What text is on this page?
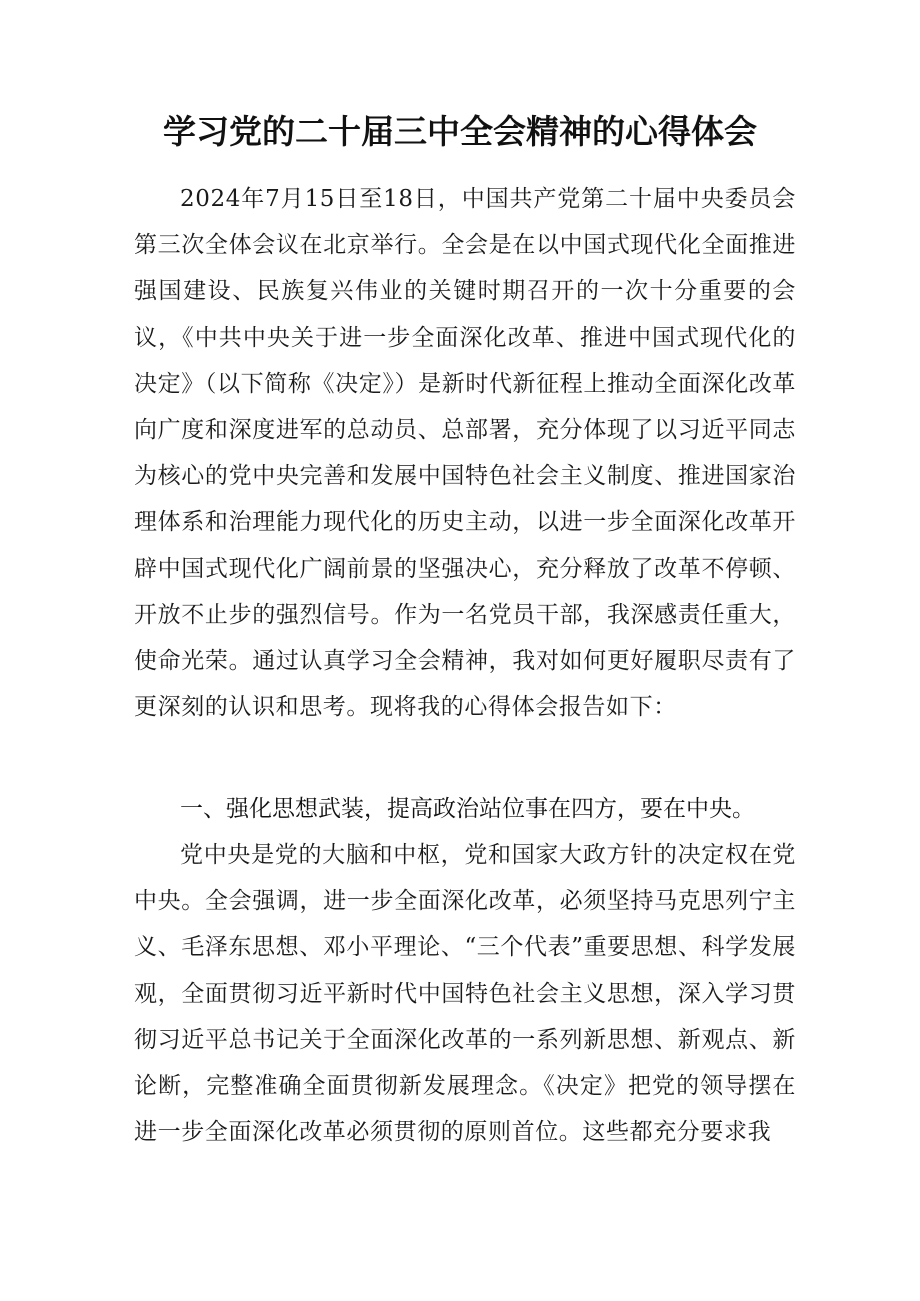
学习党的二十届三中全会精神的心得体会

2024年7月15日至18日，中国共产党第二十届中央委员会第三次全体会议在北京举行。全会是在以中国式现代化全面推进强国建设、民族复兴伟业的关键时期召开的一次十分重要的会议，《中共中央关于进一步全面深化改革、推进中国式现代化的决定》（以下简称《决定》）是新时代新征程上推动全面深化改革向广度和深度进军的总动员、总部署，充分体现了以习近平同志为核心的党中央完善和发展中国特色社会主义制度、推进国家治理体系和治理能力现代化的历史主动，以进一步全面深化改革开辟中国式现代化广阔前景的坚强决心，充分释放了改革不停顿、开放不止步的强烈信号。作为一名党员干部，我深感责任重大，使命光荣。通过认真学习全会精神，我对如何更好履职尽责有了更深刻的认识和思考。现将我的心得体会报告如下：

一、强化思想武装，提高政治站位事在四方，要在中央。

党中央是党的大脑和中枢，党和国家大政方针的决定权在党中央。全会强调，进一步全面深化改革，必须坚持马克思列宁主义、毛泽东思想、邓小平理论、“三个代表”重要思想、科学发展观，全面贯彻习近平新时代中国特色社会主义思想，深入学习贯彻习近平总书记关于全面深化改革的一系列新思想、新观点、新论断，完整准确全面贯彻新发展理念。《决定》把党的领导摆在进一步全面深化改革必须贯彻的原则首位。这些都充分要求我
